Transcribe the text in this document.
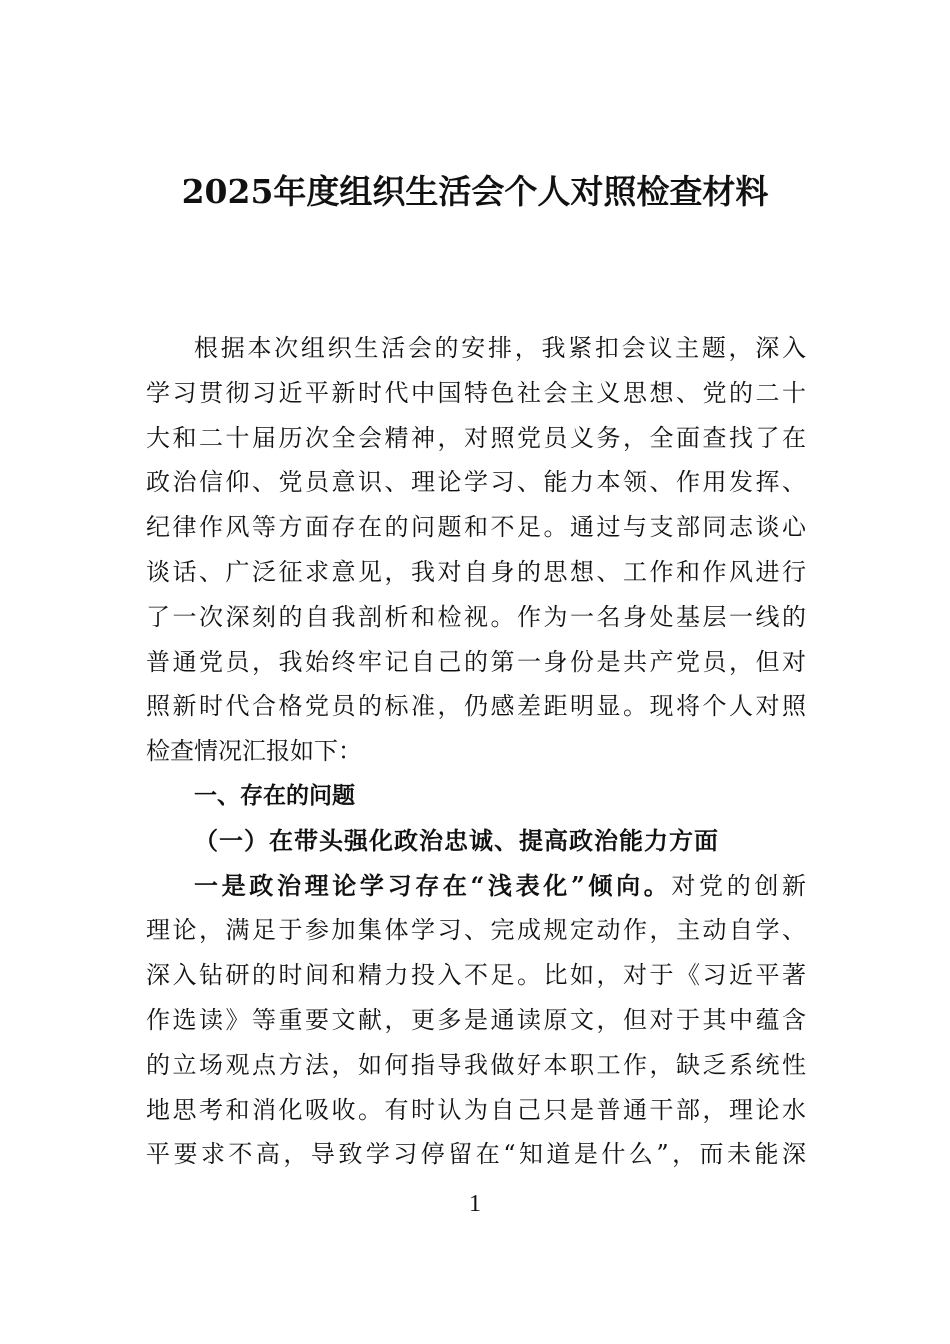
2025年度组织生活会个人对照检查材料
根据本次组织生活会的安排，我紧扣会议主题，深入
学习贯彻习近平新时代中国特色社会主义思想、党的二十
大和二十届历次全会精神，对照党员义务，全面查找了在
政治信仰、党员意识、理论学习、能力本领、作用发挥、
纪律作风等方面存在的问题和不足。通过与支部同志谈心
谈话、广泛征求意见，我对自身的思想、工作和作风进行
了一次深刻的自我剖析和检视。作为一名身处基层一线的
普通党员，我始终牢记自己的第一身份是共产党员，但对
照新时代合格党员的标准，仍感差距明显。现将个人对照
检查情况汇报如下：
一、存在的问题
（一）在带头强化政治忠诚、提高政治能力方面
一是政治理论学习存在“浅表化”倾向。对党的创新
理论，满足于参加集体学习、完成规定动作，主动自学、
深入钻研的时间和精力投入不足。比如，对于《习近平著
作选读》等重要文献，更多是通读原文，但对于其中蕴含
的立场观点方法，如何指导我做好本职工作，缺乏系统性
地思考和消化吸收。有时认为自己只是普通干部，理论水
平要求不高，导致学习停留在“知道是什么”，而未能深
1
